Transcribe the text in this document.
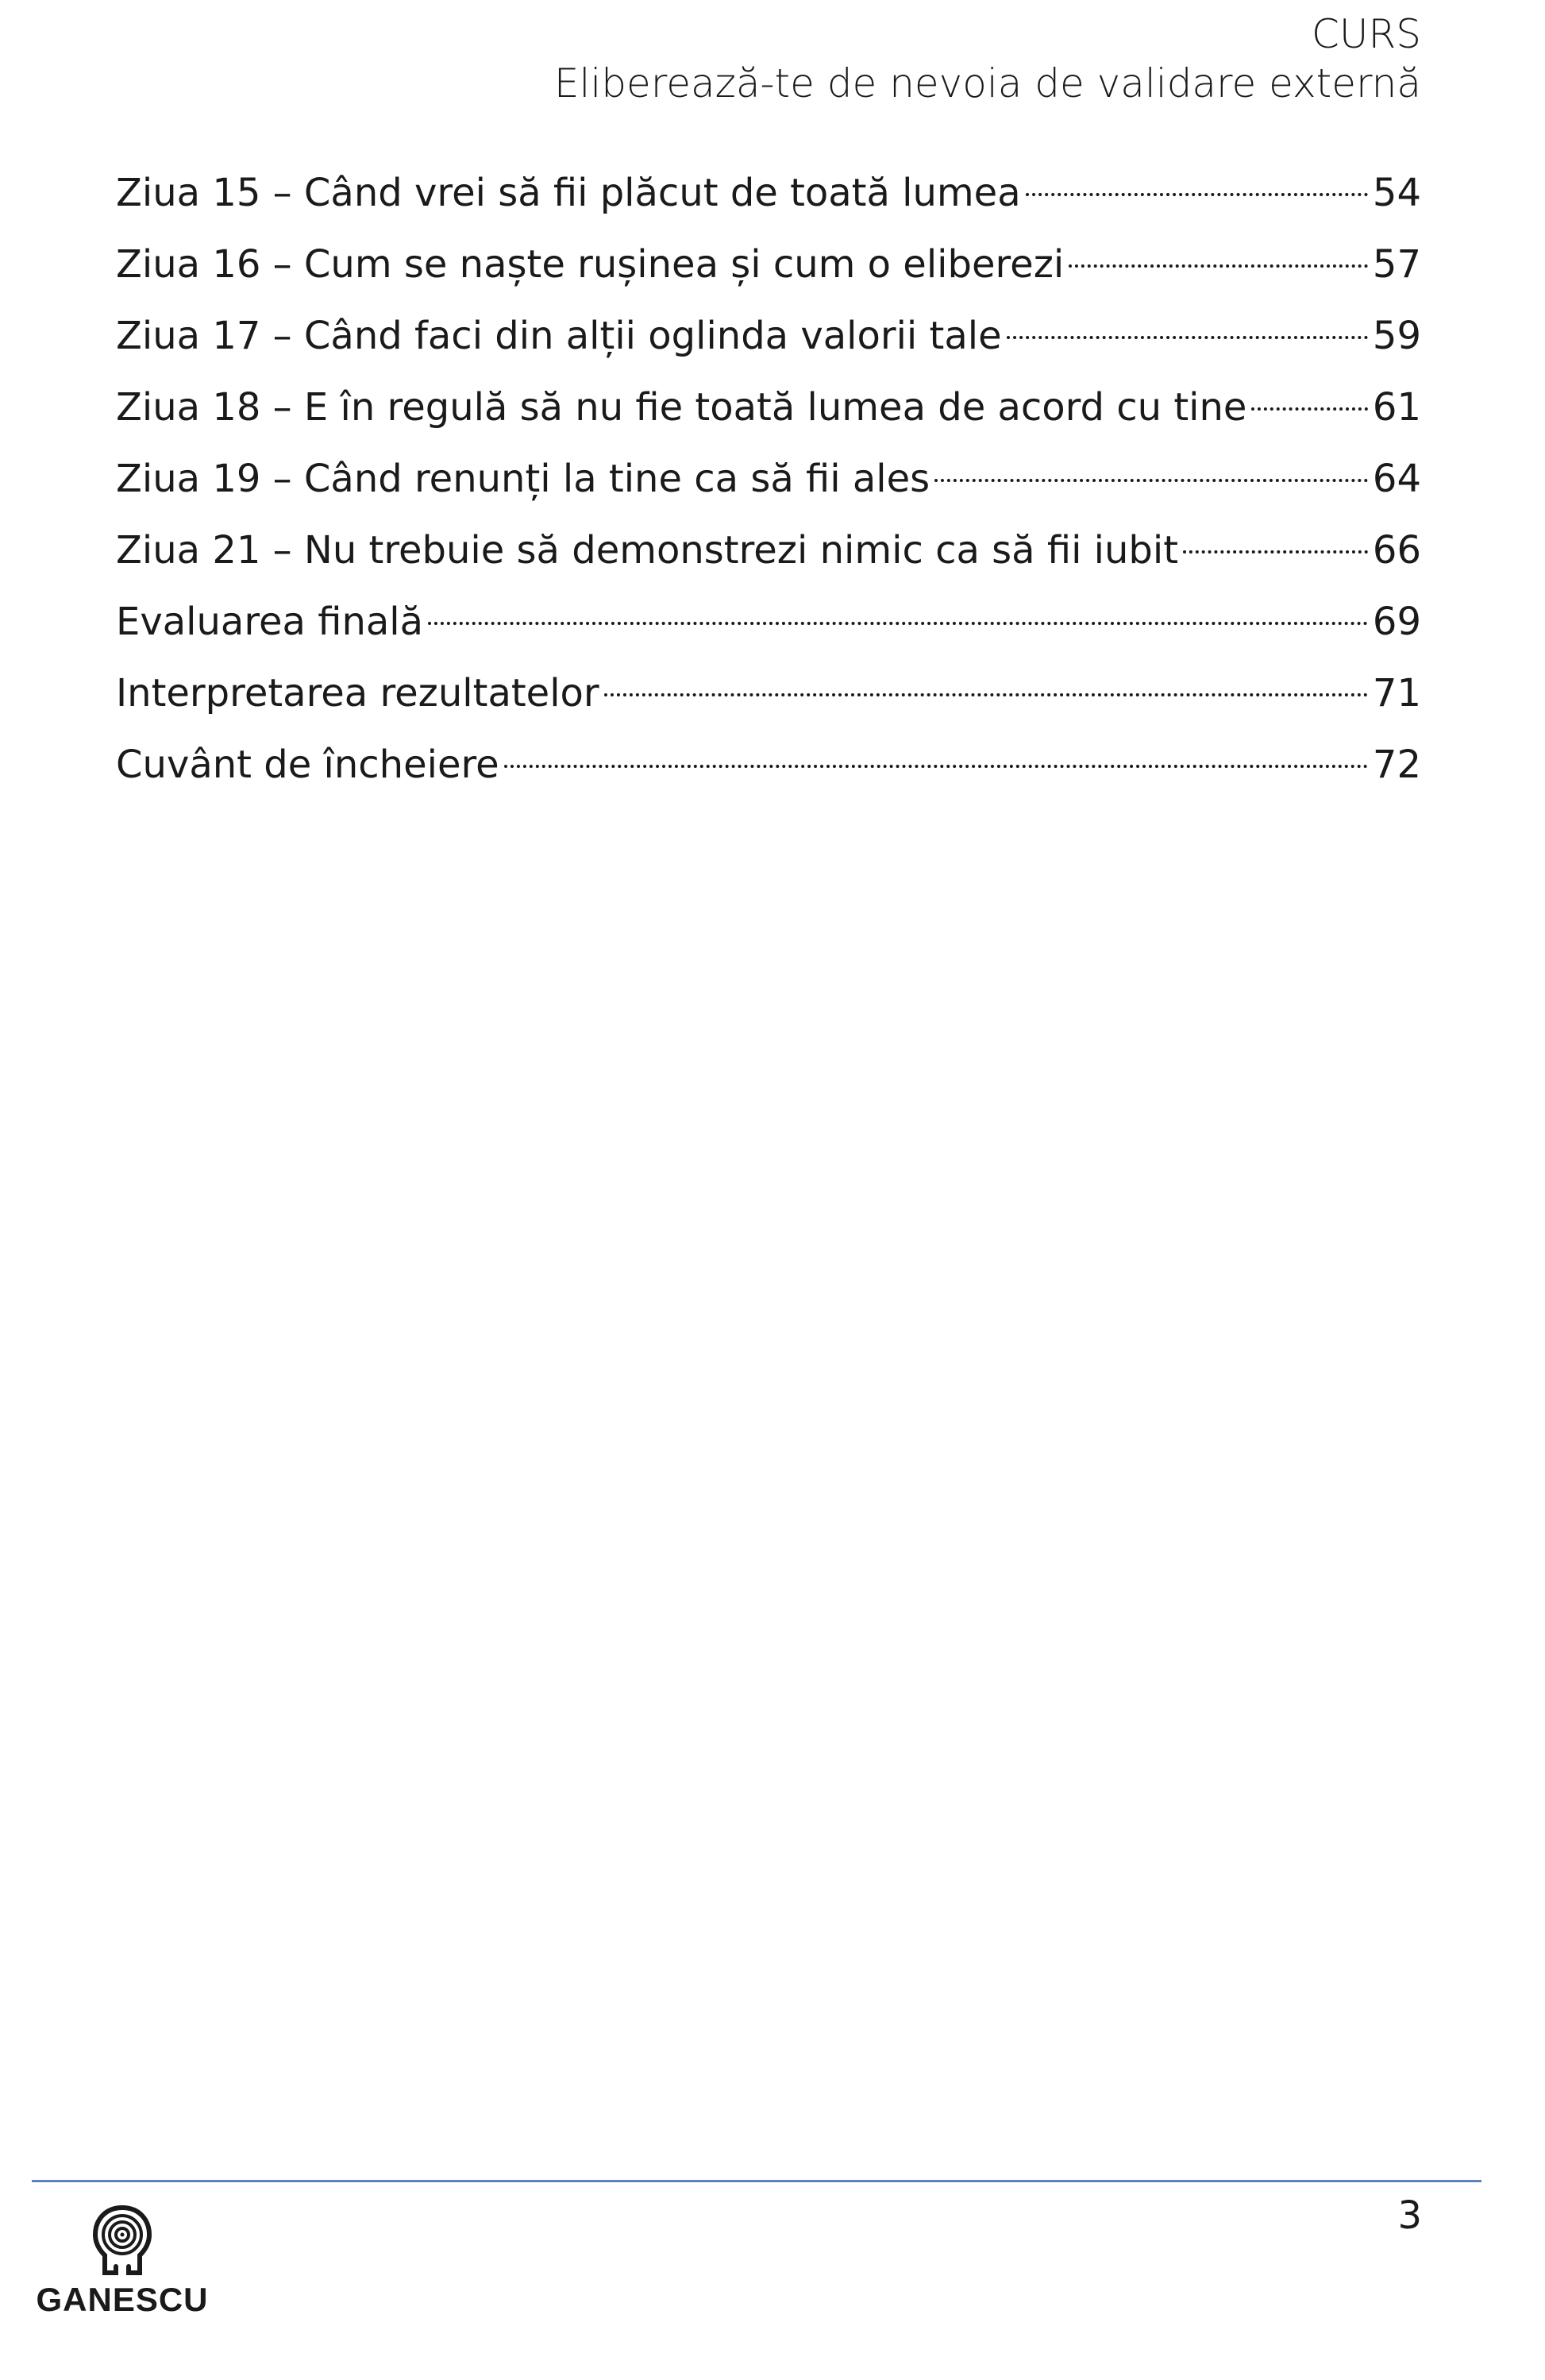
CURS
Eliberează-te de nevoia de validare externă
Ziua 15 – Când vrei să fii plăcut de toată lumea	54
Ziua 16 – Cum se naște rușinea și cum o eliberezi	57
Ziua 17 – Când faci din alții oglinda valorii tale	59
Ziua 18 – E în regulă să nu fie toată lumea de acord cu tine	61
Ziua 19 – Când renunți la tine ca să fii ales	64
Ziua 21 – Nu trebuie să demonstrezi nimic ca să fii iubit	66
Evaluarea finală	69
Interpretarea rezultatelor	71
Cuvânt de încheiere	72
3
GANESCU
